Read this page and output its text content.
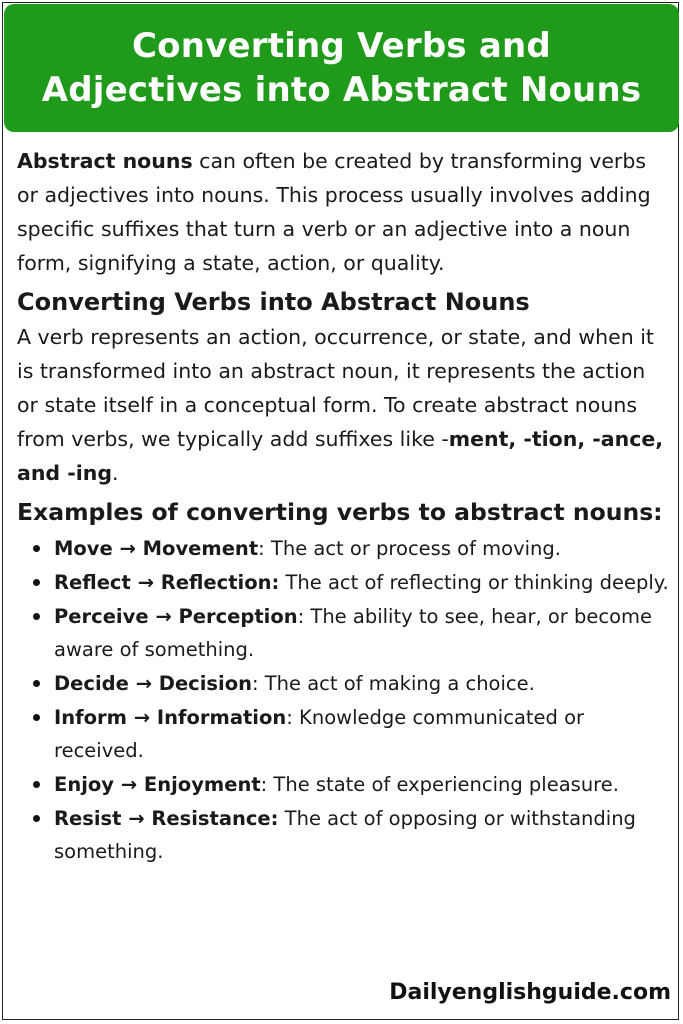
Converting Verbs and
Adjectives into Abstract Nouns

Abstract nouns can often be created by transforming verbs or adjectives into nouns. This process usually involves adding specific suffixes that turn a verb or an adjective into a noun form, signifying a state, action, or quality.

Converting Verbs into Abstract Nouns

A verb represents an action, occurrence, or state, and when it is transformed into an abstract noun, it represents the action or state itself in a conceptual form. To create abstract nouns from verbs, we typically add suffixes like -ment, -tion, -ance, and -ing.

Examples of converting verbs to abstract nouns:
Move → Movement: The act or process of moving.
Reflect → Reflection: The act of reflecting or thinking deeply.
Perceive → Perception: The ability to see, hear, or become aware of something.
Decide → Decision: The act of making a choice.
Inform → Information: Knowledge communicated or received.
Enjoy → Enjoyment: The state of experiencing pleasure.
Resist → Resistance: The act of opposing or withstanding something.
Dailyenglishguide.com
